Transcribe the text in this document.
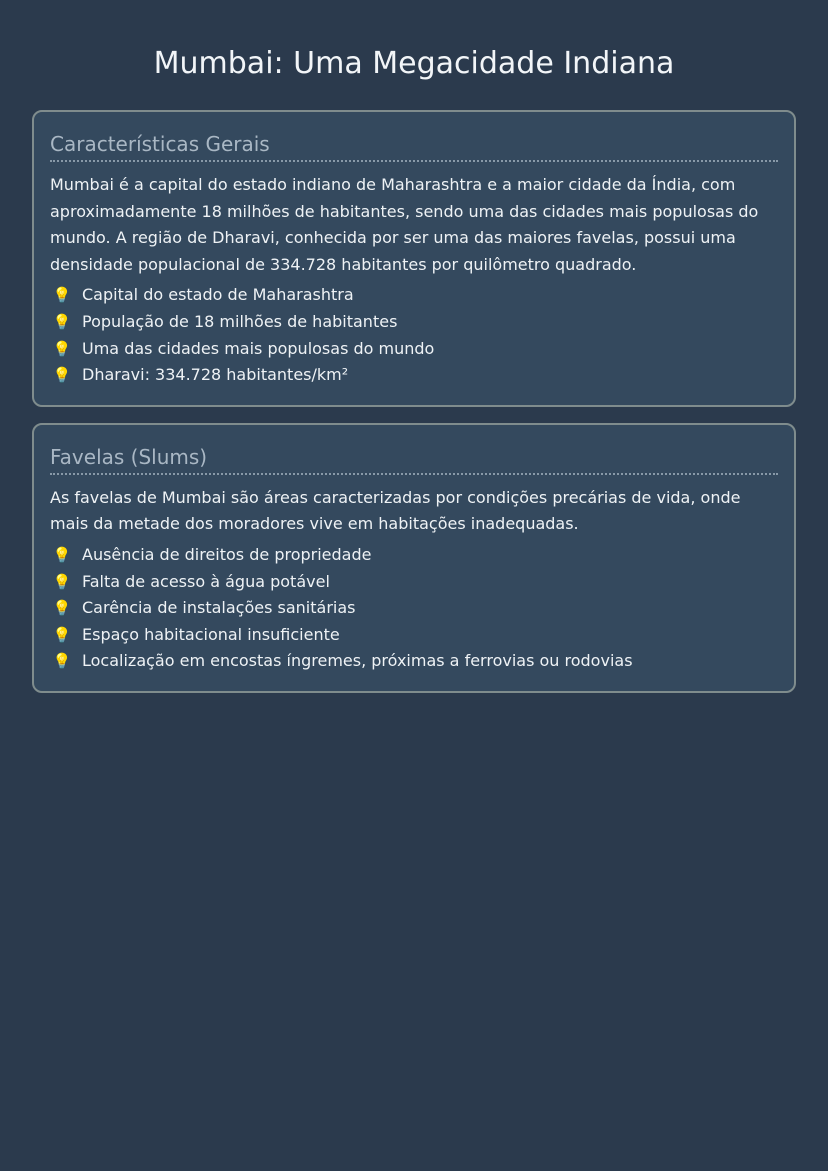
Mumbai: Uma Megacidade Indiana
Características Gerais

Mumbai é a capital do estado indiano de Maharashtra e a maior cidade da Índia, com aproximadamente 18 milhões de habitantes, sendo uma das cidades mais populosas do mundo. A região de Dharavi, conhecida por ser uma das maiores favelas, possui uma densidade populacional de 334.728 habitantes por quilômetro quadrado.

💡 Capital do estado de Maharashtra
💡 População de 18 milhões de habitantes
💡 Uma das cidades mais populosas do mundo
💡 Dharavi: 334.728 habitantes/km²
Favelas (Slums)

As favelas de Mumbai são áreas caracterizadas por condições precárias de vida, onde mais da metade dos moradores vive em habitações inadequadas.

💡 Ausência de direitos de propriedade
💡 Falta de acesso à água potável
💡 Carência de instalações sanitárias
💡 Espaço habitacional insuficiente
💡 Localização em encostas íngremes, próximas a ferrovias ou rodovias
